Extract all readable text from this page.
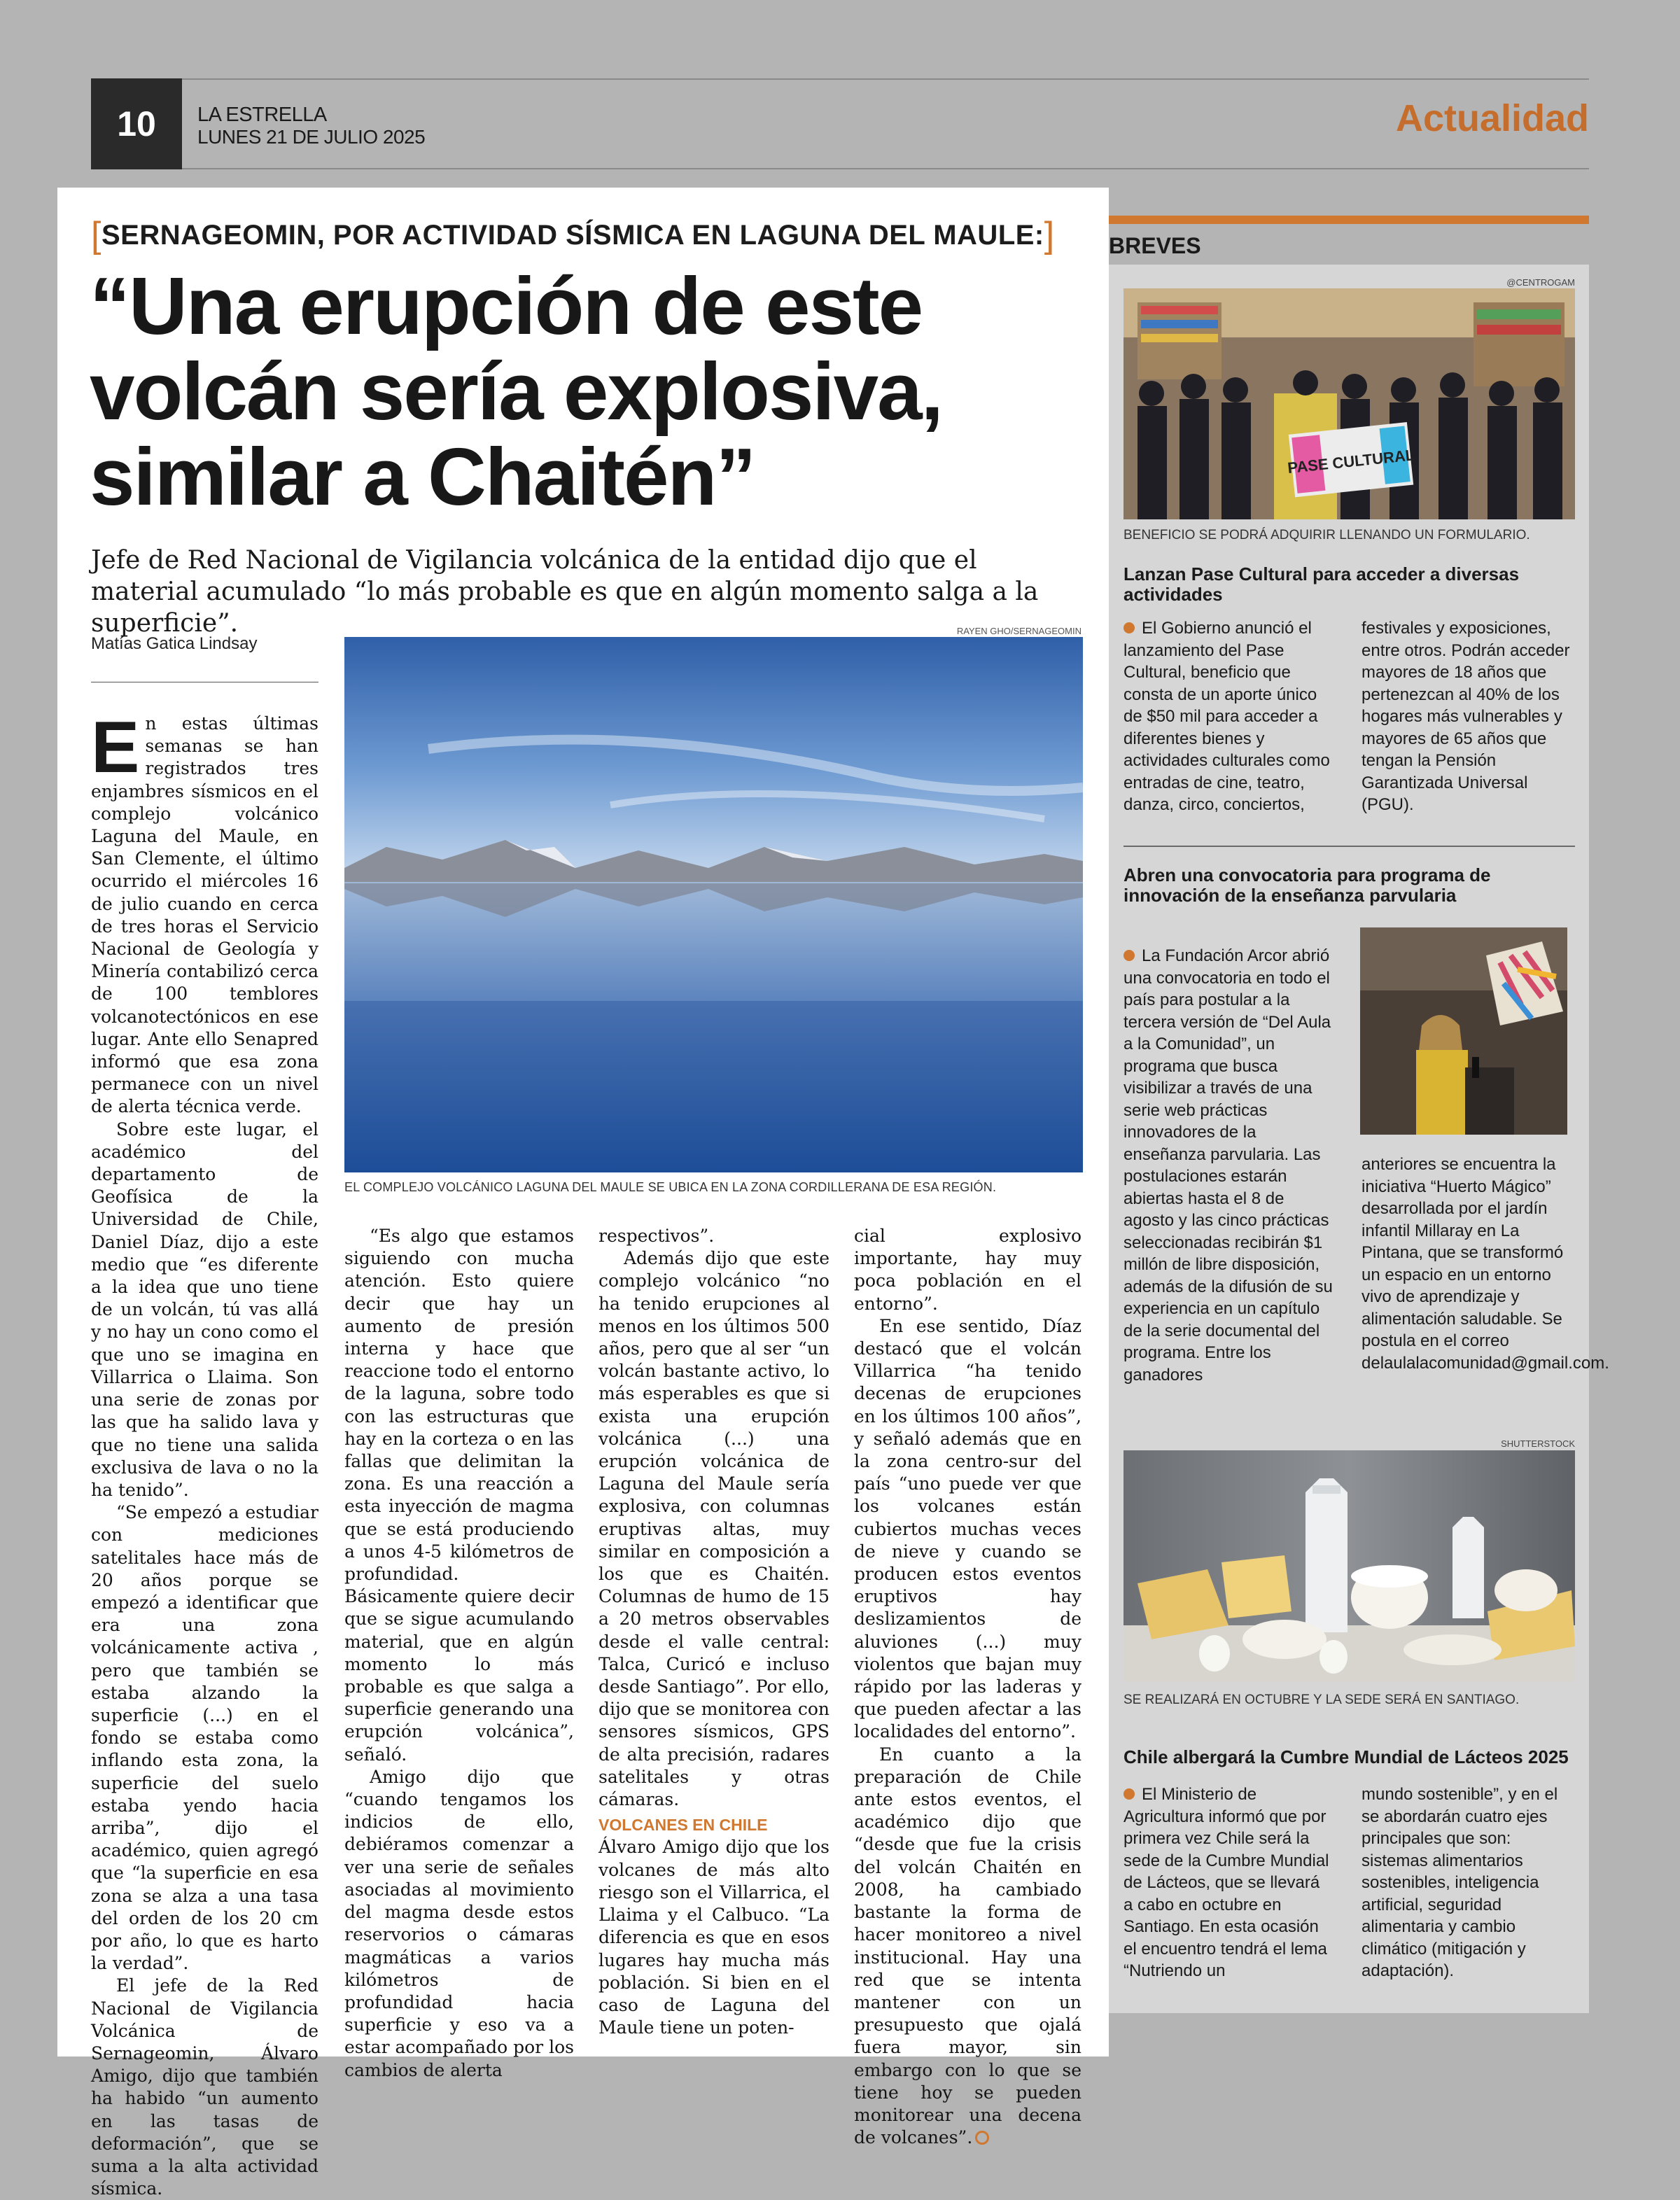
10	LA ESTRELLA
LUNES 21 DE JULIO 2025	Actualidad
[SERNAGEOMIN, POR ACTIVIDAD SÍSMICA EN LAGUNA DEL MAULE:]
“Una erupción de este
volcán sería explosiva,
similar a Chaitén”
Jefe de Red Nacional de Vigilancia volcánica de la entidad dijo que el material acumulado “lo más probable es que en algún momento salga a la superficie”.
Matías Gatica Lindsay
RAYEN GHO/SERNAGEOMIN
EL COMPLEJO VOLCÁNICO LAGUNA DEL MAULE SE UBICA EN LA ZONA CORDILLERANA DE ESA REGIÓN.

En estas últimas semanas se han registrados tres enjambres sísmicos en el complejo volcánico Laguna del Maule, en San Clemente, el último ocurrido el miércoles 16 de julio cuando en cerca de tres horas el Servicio Nacional de Geología y Minería contabilizó cerca de 100 temblores volcanotectónicos en ese lugar. Ante ello Senapred informó que esa zona permanece con un nivel de alerta técnica verde.

Sobre este lugar, el académico del departamento de Geofísica de la Universidad de Chile, Daniel Díaz, dijo a este medio que “es diferente a la idea que uno tiene de un volcán, tú vas allá y no hay un cono como el que uno se imagina en Villarrica o Llaima. Son una serie de zonas por las que ha salido lava y que no tiene una salida exclusiva de lava o no la ha tenido”.

“Se empezó a estudiar con mediciones satelitales hace más de 20 años porque se empezó a identificar que era una zona volcánicamente activa , pero que también se estaba alzando la superficie (...) en el fondo se estaba como inflando esta zona, la superficie del suelo estaba yendo hacia arriba”, dijo el académico, quien agregó que “la superficie en esa zona se alza a una tasa del orden de los 20 cm por año, lo que es harto la verdad”.

El jefe de la Red Nacional de Vigilancia Volcánica de Sernageomin, Álvaro Amigo, dijo que también ha habido “un aumento en las tasas de deformación”, que se suma a la alta actividad sísmica.

“Es algo que estamos siguiendo con mucha atención. Esto quiere decir que hay un aumento de presión interna y hace que reaccione todo el entorno de la laguna, sobre todo con las estructuras que hay en la corteza o en las fallas que delimitan la zona. Es una reacción a esta inyección de magma que se está produciendo a unos 4-5 kilómetros de profundidad. Básicamente quiere decir que se sigue acumulando material, que en algún momento lo más probable es que salga a superficie generando una erupción volcánica”, señaló.

Amigo dijo que “cuando tengamos los indicios de ello, debiéramos comenzar a ver una serie de señales asociadas al movimiento del magma desde estos reservorios o cámaras magmáticas a varios kilómetros de profundidad hacia superficie y eso va a estar acompañado por los cambios de alerta

respectivos”.

Además dijo que este complejo volcánico “no ha tenido erupciones al menos en los últimos 500 años, pero que al ser “un volcán bastante activo, lo más esperables es que si exista una erupción volcánica (...) una erupción volcánica de Laguna del Maule sería explosiva, con columnas eruptivas altas, muy similar en composición a los que es Chaitén. Columnas de humo de 15 a 20 metros observables desde el valle central: Talca, Curicó e incluso desde Santiago”. Por ello, dijo que se monitorea con sensores sísmicos, GPS de alta precisión, radares satelitales y otras cámaras.

VOLCANES EN CHILE

Álvaro Amigo dijo que los volcanes de más alto riesgo son el Villarrica, el Llaima y el Calbuco. “La diferencia es que en esos lugares hay mucha más población. Si bien en el caso de Laguna del Maule tiene un poten-

cial explosivo importante, hay muy poca población en el entorno”.

En ese sentido, Díaz destacó que el volcán Villarrica “ha tenido decenas de erupciones en los últimos 100 años”, y señaló además que en la zona centro-sur del país “uno puede ver que los volcanes están cubiertos muchas veces de nieve y cuando se producen estos eventos eruptivos hay deslizamientos de aluviones (...) muy violentos que bajan muy rápido por las laderas y que pueden afectar a las localidades del entorno”.

En cuanto a la preparación de Chile ante estos eventos, el académico dijo que “desde que fue la crisis del volcán Chaitén en 2008, ha cambiado bastante la forma de hacer monitoreo a nivel institucional. Hay una red que se intenta mantener con un presupuesto que ojalá fuera mayor, sin embargo con lo que se tiene hoy se pueden monitorear una decena de volcanes”.

BREVES
@CENTROGAM
PASE CULTURAL
BENEFICIO SE PODRÁ ADQUIRIR LLENANDO UN FORMULARIO.
Lanzan Pase Cultural para acceder a diversas actividades
El Gobierno anunció el lanzamiento del Pase Cultural, beneficio que consta de un aporte único de $50 mil para acceder a diferentes bienes y actividades culturales como entradas de cine, teatro, danza, circo, conciertos,
festivales y exposiciones, entre otros. Podrán acceder mayores de 18 años que pertenezcan al 40% de los hogares más vulnerables y mayores de 65 años que tengan la Pensión Garantizada Universal (PGU).
Abren una convocatoria para programa de innovación de la enseñanza parvularia
La Fundación Arcor abrió una convocatoria en todo el país para postular a la tercera versión de “Del Aula a la Comunidad”, un programa que busca visibilizar a través de una serie web prácticas innovadores de la enseñanza parvularia. Las postulaciones estarán abiertas hasta el 8 de agosto y las cinco prácticas seleccionadas recibirán $1 millón de libre disposición, además de la difusión de su experiencia en un capítulo de la serie documental del programa. Entre los ganadores
anteriores se encuentra la iniciativa “Huerto Mágico” desarrollada por el jardín infantil Millaray en La Pintana, que se transformó un espacio en un entorno vivo de aprendizaje y alimentación saludable. Se postula en el correo delaulalacomunidad@gmail.com.
SHUTTERSTOCK
SE REALIZARÁ EN OCTUBRE Y LA SEDE SERÁ EN SANTIAGO.
Chile albergará la Cumbre Mundial de Lácteos 2025
El Ministerio de Agricultura informó que por primera vez Chile será la sede de la Cumbre Mundial de Lácteos, que se llevará a cabo en octubre en Santiago. En esta ocasión el encuentro tendrá el lema “Nutriendo un
mundo sostenible”, y en el se abordarán cuatro ejes principales que son: sistemas alimentarios sostenibles, inteligencia artificial, seguridad alimentaria y cambio climático (mitigación y adaptación).
